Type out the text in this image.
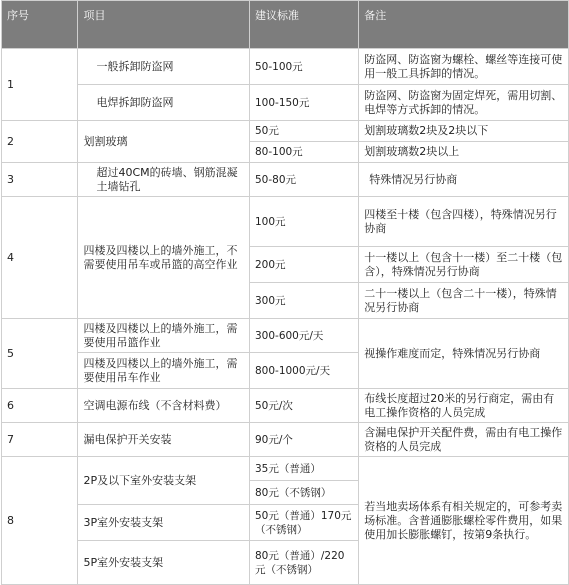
序号	项目	建议标准	备注
1	一般拆卸防盗网	50-100元	防盗网、防盗窗为螺栓、螺丝等连接可使用一般工具拆卸的情况。
	电焊拆卸防盗网	100-150元	防盗网、防盗窗为固定焊死，需用切割、电焊等方式拆卸的情况。
2	划割玻璃	50元	划割玻璃数2块及2块以下
		80-100元	划割玻璃数2块以上
3	超过40CM的砖墙、钢筋混凝土墙钻孔	50-80元	特殊情况另行协商
4	四楼及四楼以上的墙外施工，不需要使用吊车或吊篮的高空作业	100元	四楼至十楼（包含四楼），特殊情况另行协商
		200元	十一楼以上（包含十一楼）至二十楼（包含），特殊情况另行协商
		300元	二十一楼以上（包含二十一楼），特殊情况另行协商
5	四楼及四楼以上的墙外施工，需要使用吊篮作业	300-600元/天	视操作难度而定，特殊情况另行协商
	四楼及四楼以上的墙外施工，需要使用吊车作业	800-1000元/天	
6	空调电源布线（不含材料费）	50元/次	布线长度超过20米的另行商定，需由有电工操作资格的人员完成
7	漏电保护开关安装	90元/个	含漏电保护开关配件费，需由有电工操作资格的人员完成
8	2P及以下室外安装支架	35元（普通）	若当地卖场体系有相关规定的，可参考卖场标准。含普通膨胀螺栓零件费用，如果使用加长膨胀螺钉，按第9条执行。
		80元（不锈钢）	
	3P室外安装支架	50元（普通）170元（不锈钢）	
	5P室外安装支架	80元（普通）/220元（不锈钢）	
